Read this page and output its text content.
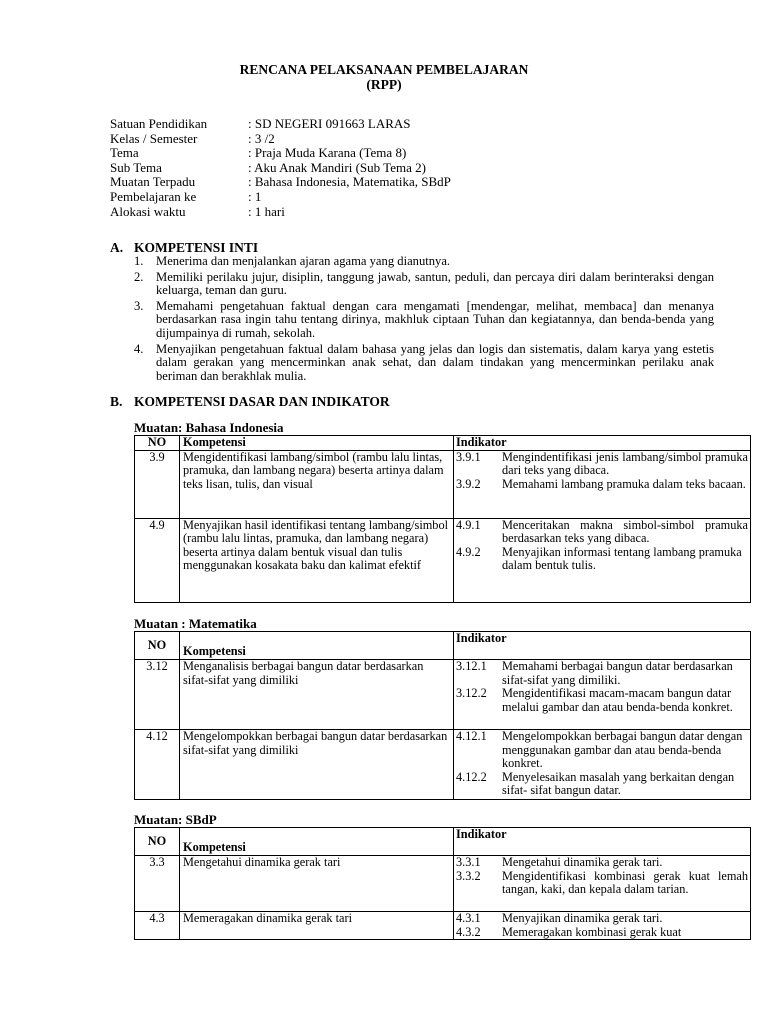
RENCANA PELAKSANAAN PEMBELAJARAN
(RPP)
Satuan Pendidikan	: SD NEGERI 091663 LARAS
Kelas / Semester	: 3 /2
Tema	: Praja Muda Karana (Tema 8)
Sub Tema	: Aku Anak Mandiri (Sub Tema 2)
Muatan Terpadu	: Bahasa Indonesia, Matematika, SBdP
Pembelajaran ke	: 1
Alokasi waktu	: 1 hari
A. KOMPETENSI INTI
1. Menerima dan menjalankan ajaran agama yang dianutnya.
2. Memiliki perilaku jujur, disiplin, tanggung jawab, santun, peduli, dan percaya diri dalam berinteraksi dengan keluarga, teman dan guru.
3. Memahami pengetahuan faktual dengan cara mengamati [mendengar, melihat, membaca] dan menanya berdasarkan rasa ingin tahu tentang dirinya, makhluk ciptaan Tuhan dan kegiatannya, dan benda-benda yang dijumpainya di rumah, sekolah.
4. Menyajikan pengetahuan faktual dalam bahasa yang jelas dan logis dan sistematis, dalam karya yang estetis dalam gerakan yang mencerminkan anak sehat, dan dalam tindakan yang mencerminkan perilaku anak beriman dan berakhlak mulia.
B. KOMPETENSI DASAR DAN INDIKATOR
Muatan: Bahasa Indonesia
NO	Kompetensi	Indikator
3.9	Mengidentifikasi lambang/simbol (rambu lalu lintas, pramuka, dan lambang negara) beserta artinya dalam teks lisan, tulis, dan visual	3.9.1 Mengindentifikasi jenis lambang/simbol pramuka dari teks yang dibaca.
3.9.2 Memahami lambang pramuka dalam teks bacaan.

4.9	Menyajikan hasil identifikasi tentang lambang/simbol (rambu lalu lintas, pramuka, dan lambang negara) beserta artinya dalam bentuk visual dan tulis menggunakan kosakata baku dan kalimat efektif	4.9.1 Menceritakan makna simbol-simbol pramuka berdasarkan teks yang dibaca.
4.9.2 Menyajikan informasi tentang lambang pramuka dalam bentuk tulis.
Muatan : Matematika
NO	Kompetensi	Indikator
3.12	Menganalisis berbagai bangun datar berdasarkan sifat-sifat yang dimiliki	3.12.1 Memahami berbagai bangun datar berdasarkan sifat-sifat yang dimiliki.
3.12.2 Mengidentifikasi macam-macam bangun datar melalui gambar dan atau benda-benda konkret.

4.12	Mengelompokkan berbagai bangun datar berdasarkan sifat-sifat yang dimiliki	4.12.1 Mengelompokkan berbagai bangun datar dengan menggunakan gambar dan atau benda-benda konkret.
4.12.2 Menyelesaikan masalah yang berkaitan dengan sifat- sifat bangun datar.
Muatan: SBdP
NO	Kompetensi	Indikator
3.3	Mengetahui dinamika gerak tari	3.3.1 Mengetahui dinamika gerak tari.
3.3.2 Mengidentifikasi kombinasi gerak kuat lemah tangan, kaki, dan kepala dalam tarian.

4.3	Memeragakan dinamika gerak tari	4.3.1 Menyajikan dinamika gerak tari.
4.3.2 Memeragakan kombinasi gerak kuat
